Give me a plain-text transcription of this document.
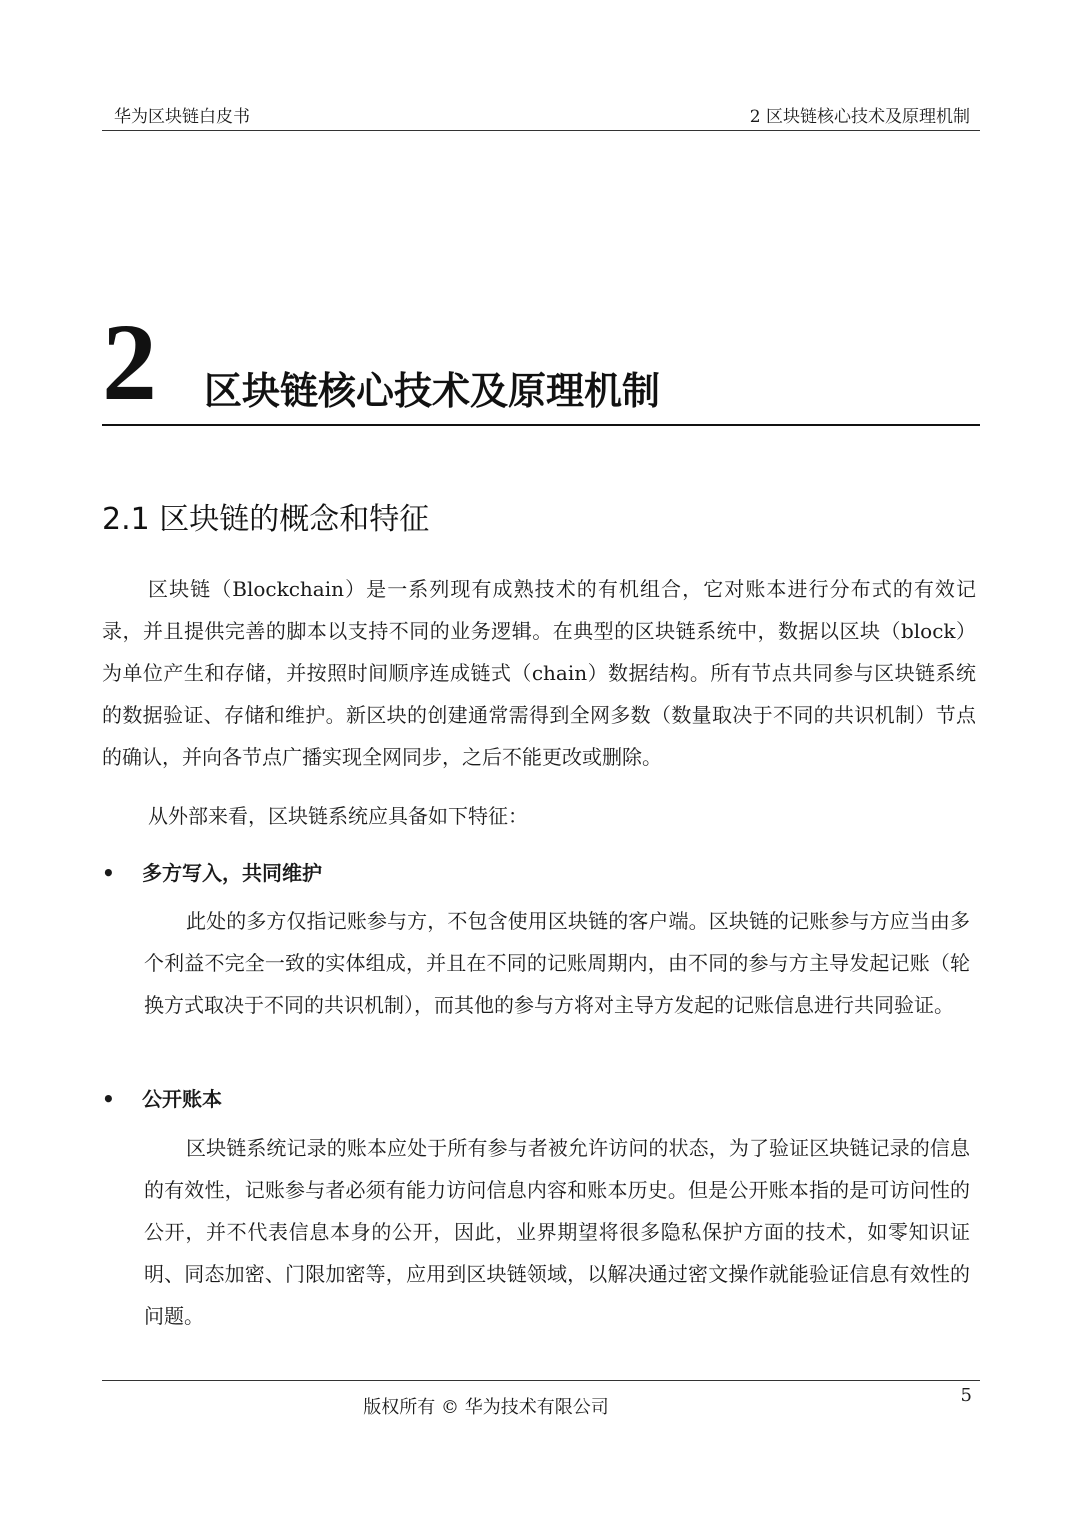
华为区块链白皮书	2 区块链核心技术及原理机制
2 区块链核心技术及原理机制
2.1 区块链的概念和特征

区块链（Blockchain）是一系列现有成熟技术的有机组合，它对账本进行分布式的有效记录，并且提供完善的脚本以支持不同的业务逻辑。在典型的区块链系统中，数据以区块（block）为单位产生和存储，并按照时间顺序连成链式（chain）数据结构。所有节点共同参与区块链系统的数据验证、存储和维护。新区块的创建通常需得到全网多数（数量取决于不同的共识机制）节点的确认，并向各节点广播实现全网同步，之后不能更改或删除。

从外部来看，区块链系统应具备如下特征：

• 多方写入，共同维护

此处的多方仅指记账参与方，不包含使用区块链的客户端。区块链的记账参与方应当由多个利益不完全一致的实体组成，并且在不同的记账周期内，由不同的参与方主导发起记账（轮换方式取决于不同的共识机制），而其他的参与方将对主导方发起的记账信息进行共同验证。

• 公开账本

区块链系统记录的账本应处于所有参与者被允许访问的状态，为了验证区块链记录的信息的有效性，记账参与者必须有能力访问信息内容和账本历史。但是公开账本指的是可访问性的公开，并不代表信息本身的公开，因此，业界期望将很多隐私保护方面的技术，如零知识证明、同态加密、门限加密等，应用到区块链领域，以解决通过密文操作就能验证信息有效性的问题。

5
版权所有 © 华为技术有限公司
